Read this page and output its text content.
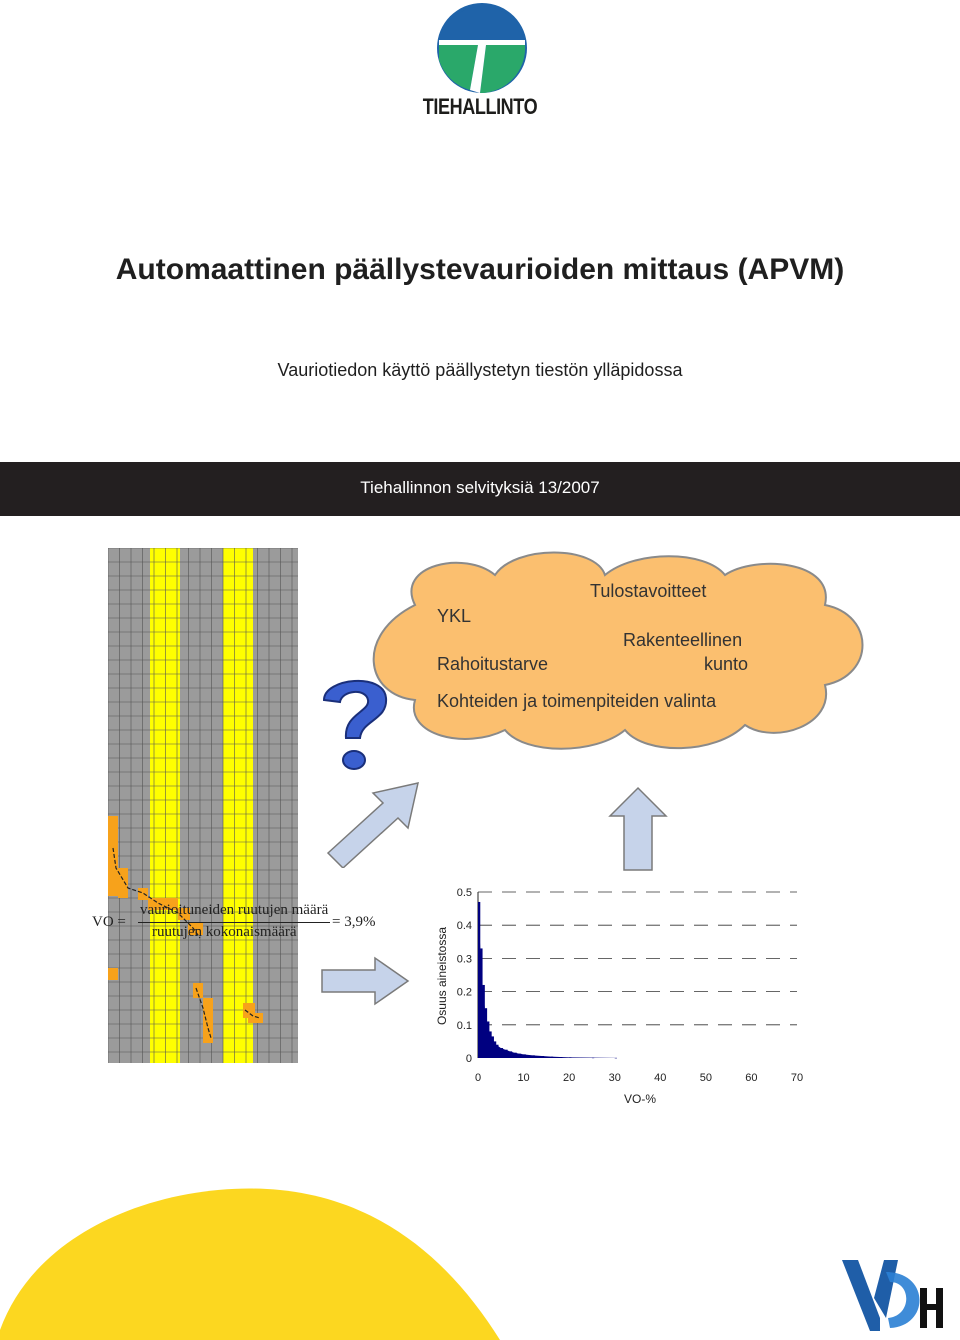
TIEHALLINTO
Automaattinen päällystevaurioiden mittaus (APVM)
Vauriotiedon käyttö päällystetyn tiestön ylläpidossa
Tiehallinnon selvityksiä 13/2007
Tulostavoitteet
YKL
Rakenteellinen
Rahoitustarve	kunto
Kohteiden ja toimenpiteiden valinta
VO =
vaurioituneiden ruutujen määrä
ruutujen kokonaismäärä
= 3,9%
0
0.1
0.2
0.3
0.4
0.5
0	10	20	30	40	50	60	70
VO-%
Osuus aineistossa
